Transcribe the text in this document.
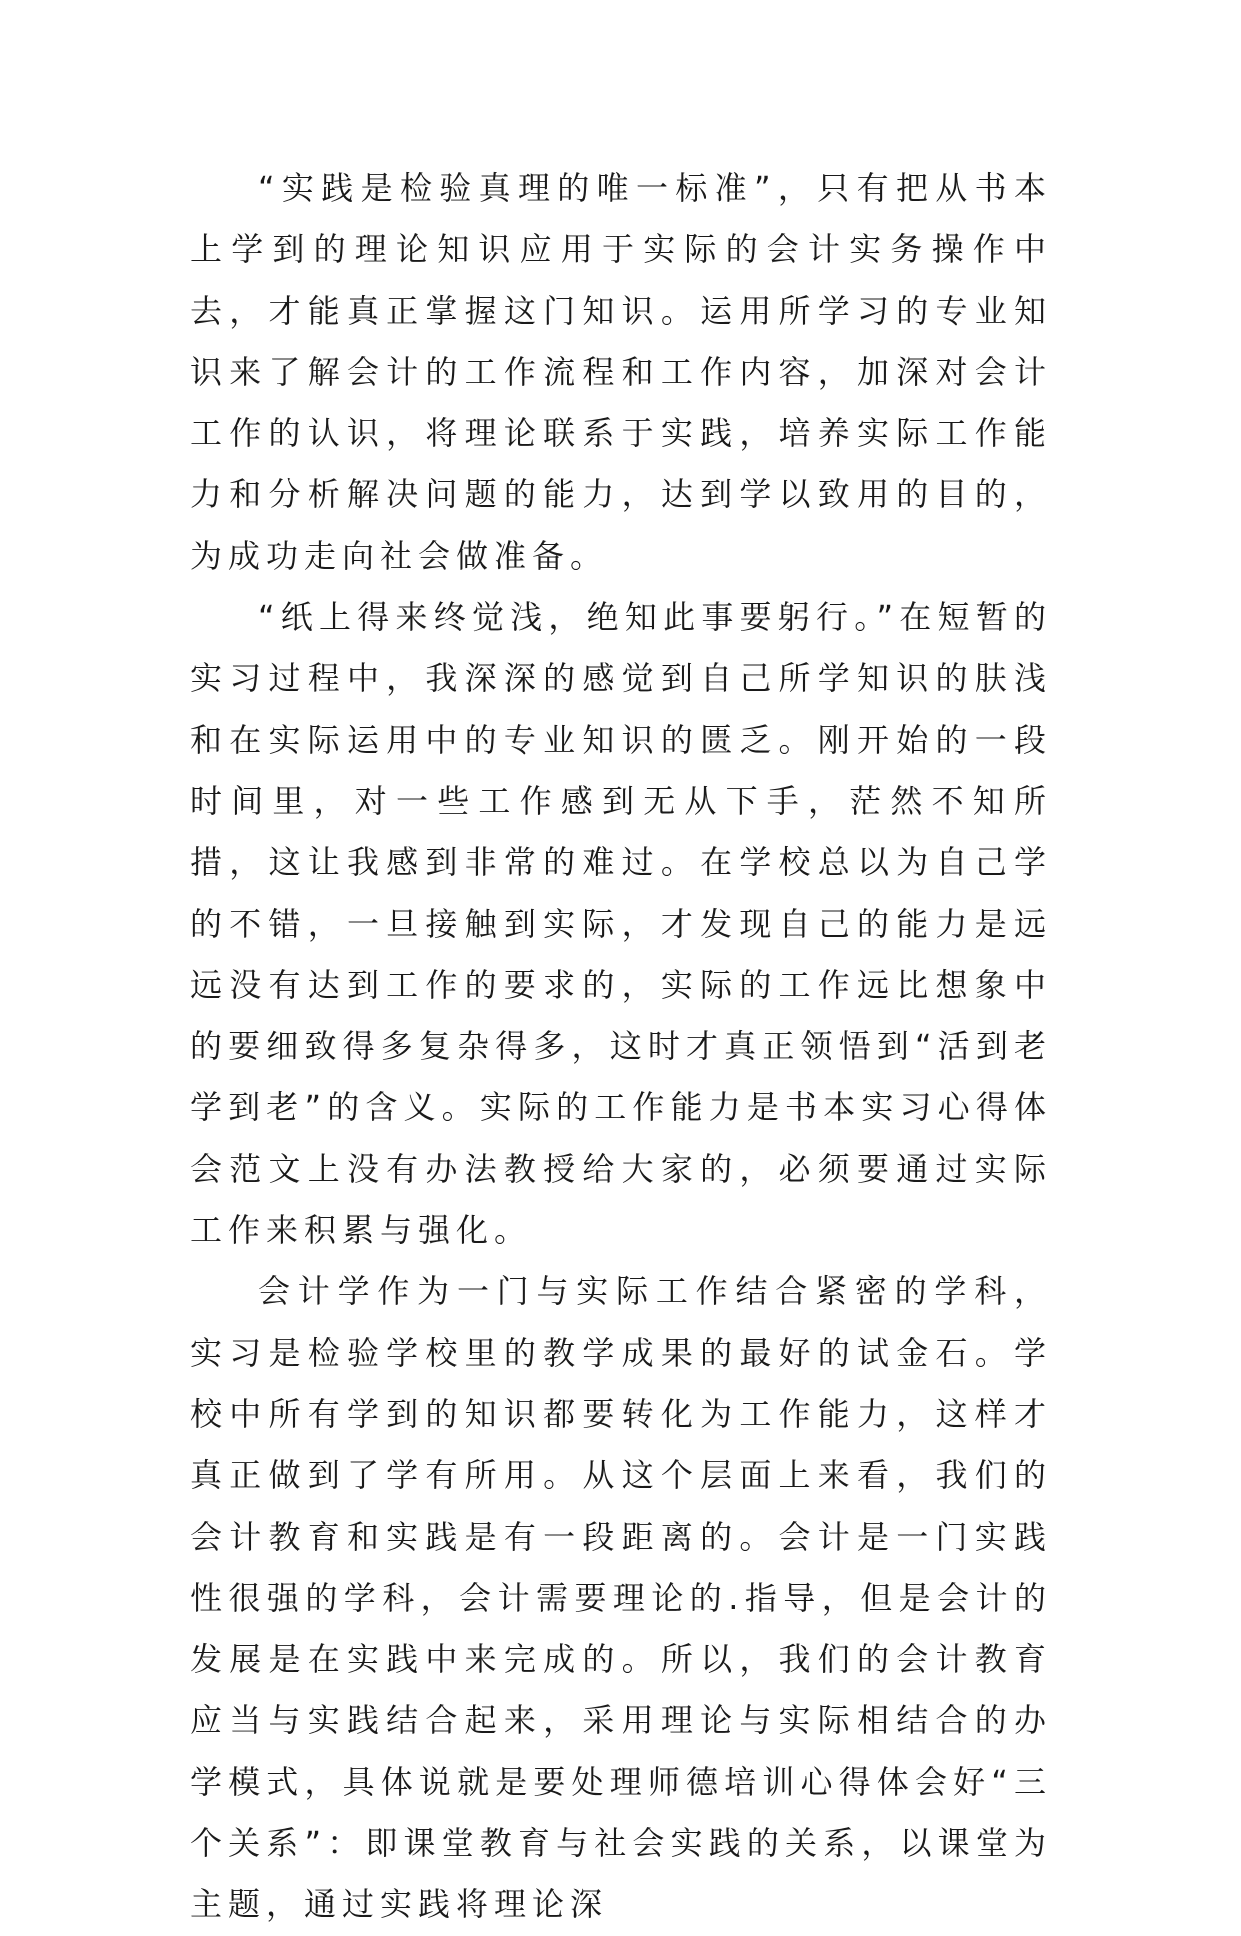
“实践是检验真理的唯一标准”，只有把从书本上学到的理论知识应用于实际的会计实务操作中去，才能真正掌握这门知识。运用所学习的专业知识来了解会计的工作流程和工作内容，加深对会计工作的认识，将理论联系于实践，培养实际工作能力和分析解决问题的能力，达到学以致用的目的，为成功走向社会做准备。

“纸上得来终觉浅，绝知此事要躬行。”在短暂的实习过程中，我深深的感觉到自己所学知识的肤浅和在实际运用中的专业知识的匮乏。刚开始的一段时间里，对一些工作感到无从下手，茫然不知所措，这让我感到非常的难过。在学校总以为自己学的不错，一旦接触到实际，才发现自己的能力是远远没有达到工作的要求的，实际的工作远比想象中的要细致得多复杂得多，这时才真正领悟到“活到老学到老”的含义。实际的工作能力是书本实习心得体会范文上没有办法教授给大家的，必须要通过实际工作来积累与强化。

会计学作为一门与实际工作结合紧密的学科，实习是检验学校里的教学成果的最好的试金石。学校中所有学到的知识都要转化为工作能力，这样才真正做到了学有所用。从这个层面上来看，我们的会计教育和实践是有一段距离的。会计是一门实践性很强的学科，会计需要理论的.指导，但是会计的发展是在实践中来完成的。所以，我们的会计教育应当与实践结合起来，采用理论与实际相结合的办学模式，具体说就是要处理师德培训心得体会好“三个关系”：即课堂教育与社会实践的关系，以课堂为主题，通过实践将理论深
